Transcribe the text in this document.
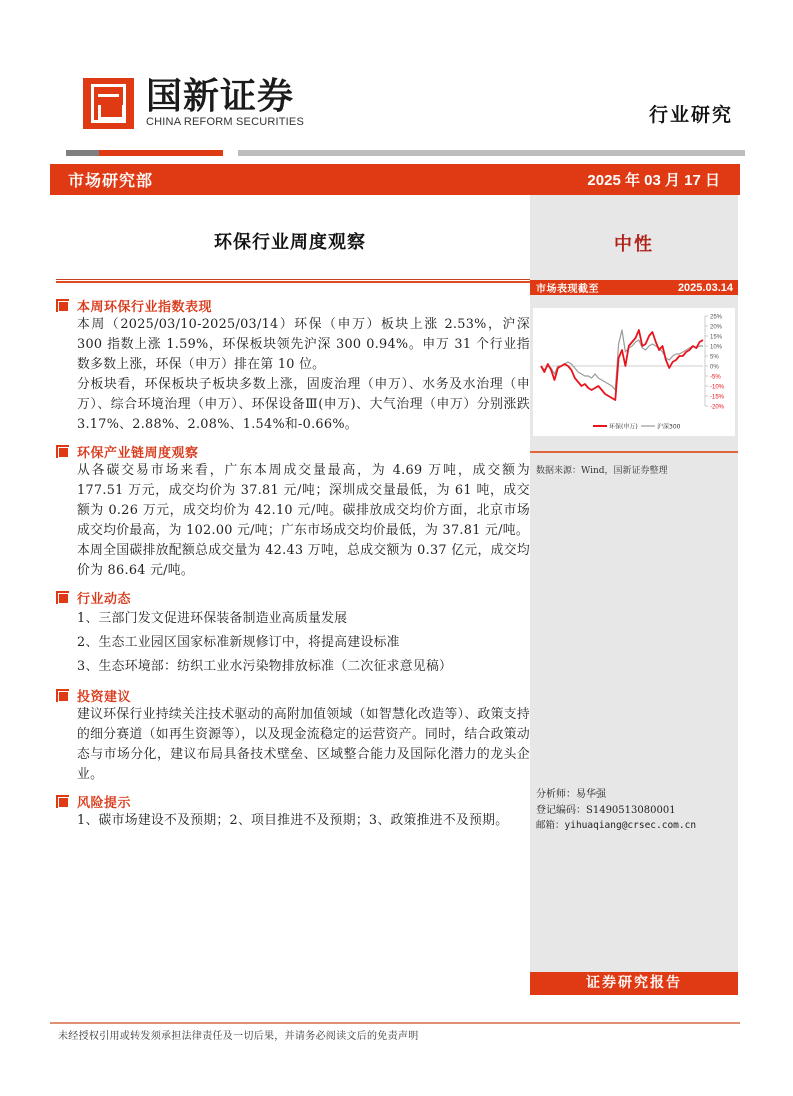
国新证券
CHINA REFORM SECURITIES	行业研究
市场研究部	2025 年 03 月 17 日
中性
市场表现截至	2025.03.14
25%
20%
15%
10%
5%
0%
-5%
-10%
-15%
-20%
环保(申万)	沪深300
数据来源：Wind，国新证券整理
分析师：易华强
登记编码：S1490513080001
邮箱：yihuaqiang@crsec.com.cn
证券研究报告
环保行业周度观察
本周环保行业指数表现

本周（2025/03/10-2025/03/14）环保（申万）板块上涨 2.53%，沪深 300 指数上涨 1.59%，环保板块领先沪深 300 0.94%。申万 31 个行业指数多数上涨，环保（申万）排在第 10 位。

分板块看，环保板块子板块多数上涨，固废治理（申万）、水务及水治理（申万）、综合环境治理（申万）、环保设备Ⅲ(申万)、大气治理（申万）分别涨跌 3.17%、2.88%、2.08%、1.54%和-0.66%。

环保产业链周度观察

从各碳交易市场来看，广东本周成交量最高，为 4.69 万吨，成交额为 177.51 万元，成交均价为 37.81 元/吨；深圳成交量最低，为 61 吨，成交额为 0.26 万元，成交均价为 42.10 元/吨。碳排放成交均价方面，北京市场成交均价最高，为 102.00 元/吨；广东市场成交均价最低，为 37.81 元/吨。

本周全国碳排放配额总成交量为 42.43 万吨，总成交额为 0.37 亿元，成交均价为 86.64 元/吨。

行业动态

1、三部门发文促进环保装备制造业高质量发展

2、生态工业园区国家标准新规修订中，将提高建设标准

3、生态环境部：纺织工业水污染物排放标准（二次征求意见稿）

投资建议

建议环保行业持续关注技术驱动的高附加值领域（如智慧化改造等）、政策支持的细分赛道（如再生资源等），以及现金流稳定的运营资产。同时，结合政策动态与市场分化，建议布局具备技术壁垒、区域整合能力及国际化潜力的龙头企业。

风险提示

1、碳市场建设不及预期；2、项目推进不及预期；3、政策推进不及预期。

未经授权引用或转发须承担法律责任及一切后果，并请务必阅读文后的免责声明
